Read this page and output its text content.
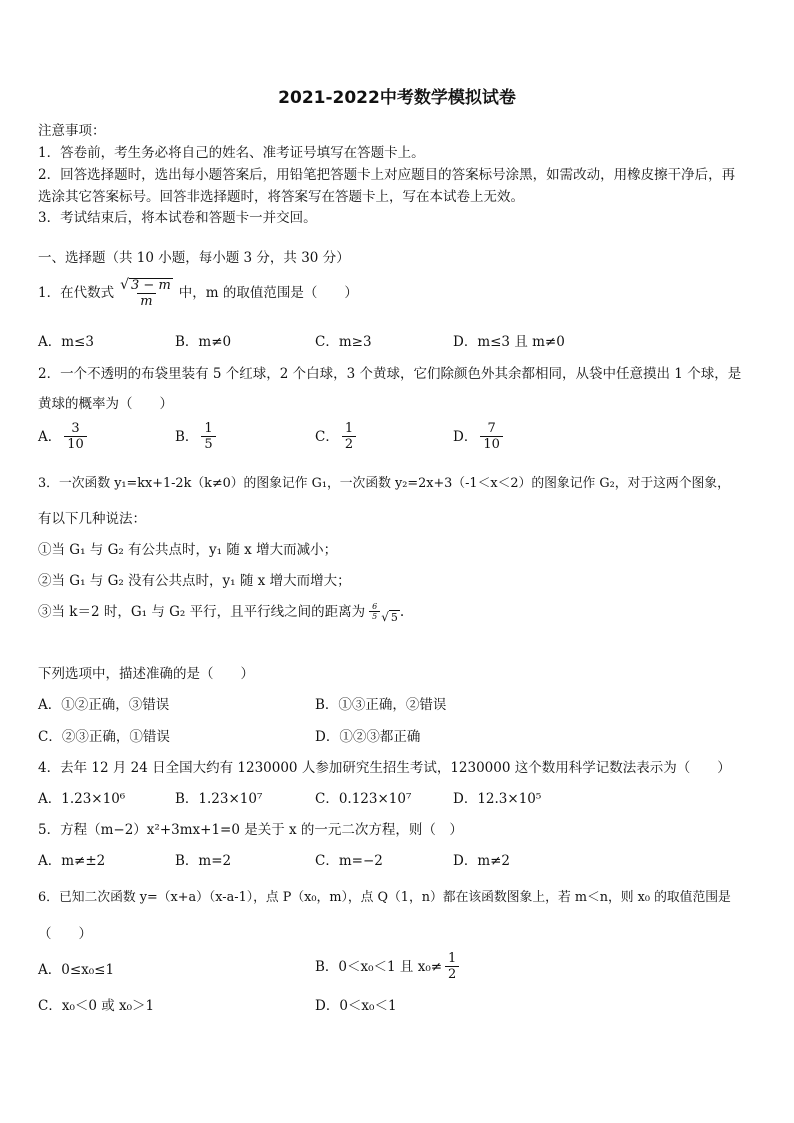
2021-2022中考数学模拟试卷
注意事项：
1．答卷前，考生务必将自己的姓名、准考证号填写在答题卡上。
2．回答选择题时，选出每小题答案后，用铅笔把答题卡上对应题目的答案标号涂黑，如需改动，用橡皮擦干净后，再
选涂其它答案标号。回答非选择题时，将答案写在答题卡上，写在本试卷上无效。
3．考试结束后，将本试卷和答题卡一并交回。
一、选择题（共 10 小题，每小题 3 分，共 30 分）
1．在代数式 $\frac{√ 3 - m}{m}$ 中，m 的取值范围是（　　）
A．m≤3	B．m≠0	C．m≥3	D．m≤3 且 m≠0
2．一个不透明的布袋里装有 5 个红球，2 个白球，3 个黄球，它们除颜色外其余都相同，从袋中任意摸出 1 个球，是
黄球的概率为（　　）
A． $\frac{3}{10}$	B． $\frac{1}{5}$	C． $\frac{1}{2}$	D． $\frac{7}{10}$
3．一次函数 y₁=kx+1-2k（k≠0）的图象记作 G₁，一次函数 y₂=2x+3（-1＜x＜2）的图象记作 G₂，对于这两个图象，
有以下几种说法：
①当 G₁ 与 G₂ 有公共点时，y₁ 随 x 增大而减小；
②当 G₁ 与 G₂ 没有公共点时，y₁ 随 x 增大而增大；
③当 k＝2 时，G₁ 与 G₂ 平行，且平行线之间的距离为 $\frac{6}{5}$ √ 5 .
下列选项中，描述准确的是（　　）
A．①②正确，③错误	B．①③正确，②错误
C．②③正确，①错误	D．①②③都正确
4．去年 12 月 24 日全国大约有 1230000 人参加研究生招生考试，1230000 这个数用科学记数法表示为（　　）
A．1.23×10⁶	B．1.23×10⁷	C．0.123×10⁷	D．12.3×10⁵
5．方程（m−2）x²+3mx+1=0 是关于 x 的一元二次方程，则（　）
A．m≠±2	B．m=2	C．m=−2	D．m≠2
6．已知二次函数 y=（x+a）（x-a-1），点 P（x₀，m），点 Q（1，n）都在该函数图象上，若 m＜n，则 x₀ 的取值范围是
（　　）
A．0≤x₀≤1	B．0＜x₀＜1 且 $x_0\ne \frac{1}{2}$
C．x₀＜0 或 x₀＞1	D．0＜x₀＜1
